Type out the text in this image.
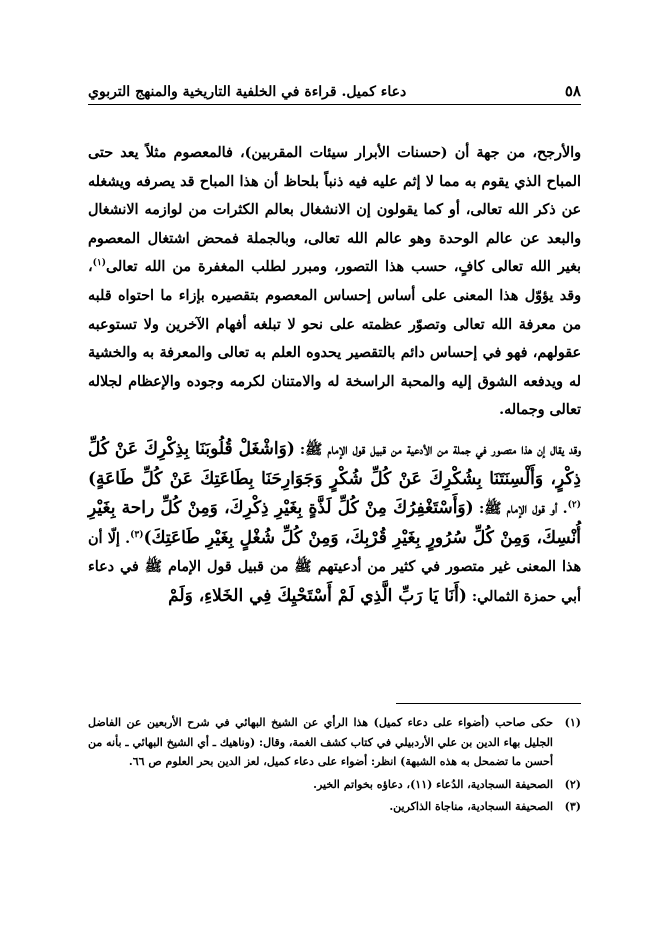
٥٨
دعاء كميل. قراءة في الخلفية التاريخية والمنهج التربوي

والأرجح، من جهة أن (حسنات الأبرار سيئات المقربين)، فالمعصوم مثلاً يعد حتى المباح الذي يقوم به مما لا إثم عليه فيه ذنباً بلحاظ أن هذا المباح قد يصرفه ويشغله عن ذكر الله تعالى، أو كما يقولون إن الانشغال بعالم الكثرات من لوازمه الانشغال والبعد عن عالم الوحدة وهو عالم الله تعالى، وبالجملة فمحض اشتغال المعصوم بغير الله تعالى كافٍ، حسب هذا التصور، ومبرر لطلب المغفرة من الله تعالى$^{(١)}$، وقد يؤوّل هذا المعنى على أساس إحساس المعصوم بتقصيره بإزاء ما احتواه قلبه من معرفة الله تعالى وتصوّر عظمته على نحو لا تبلغه أفهام الآخرين ولا تستوعبه عقولهم، فهو في إحساس دائم بالتقصير يحدوه العلم به تعالى والمعرفة به والخشية له ويدفعه الشوق إليه والمحبة الراسخة له والامتنان لكرمه وجوده والإعظام لجلاله تعالى وجماله.

وقد يقال إن هذا متصور في جملة من الأدعية من قبيل قول الإمام ﷺ: (وَاشْغَلْ قُلُوبَنَا بِذِكْرِكَ عَنْ كُلِّ ذِكْرٍ، وَأَلْسِنَتَنَا بِشُكْرِكَ عَنْ كُلِّ شُكْرٍ وَجَوَارِحَنَا بِطَاعَتِكَ عَنْ كُلِّ طَاعَةٍ)$^{(٢)}$. أو قول الإمام ﷺ: (وَأَسْتَغْفِرُكَ مِنْ كُلِّ لَذَّةٍ بِغَيْرِ ذِكْرِكَ، وَمِنْ كُلِّ راحة بِغَيْرِ أُنْسِكَ، وَمِنْ كُلِّ سُرُورٍ بِغَيْرِ قُرْبِكَ، وَمِنْ كُلِّ شُغْلٍ بِغَيْرِ طَاعَتِكَ)$^{(٣)}$. إلّا أن هذا المعنى غير متصور في كثير من أدعيتهم ﷺ من قبيل قول الإمام ﷺ في دعاء أبي حمزة الثمالي: (أَنَا يَا رَبِّ الَّذِي لَمْ أَسْتَحْيِكَ فِي الخَلاءِ، وَلَمْ

(١)
حكى صاحب (أضواء على دعاء كميل) هذا الرأي عن الشيخ البهائي في شرح الأربعين عن الفاضل الجليل بهاء الدين بن علي الأردبيلي في كتاب كشف الغمة، وقال: (وناهيك ـ أي الشيخ البهائي ـ بأنه من أحسن ما تضمحل به هذه الشبهة) انظر: أضواء على دعاء كميل، لعز الدين بحر العلوم ص ٦٦.

(٢)
الصحيفة السجادية، الدُعاء (١١)، دعاؤه بخواتم الخير.

(٣)
الصحيفة السجادية، مناجاة الذاكرين.
